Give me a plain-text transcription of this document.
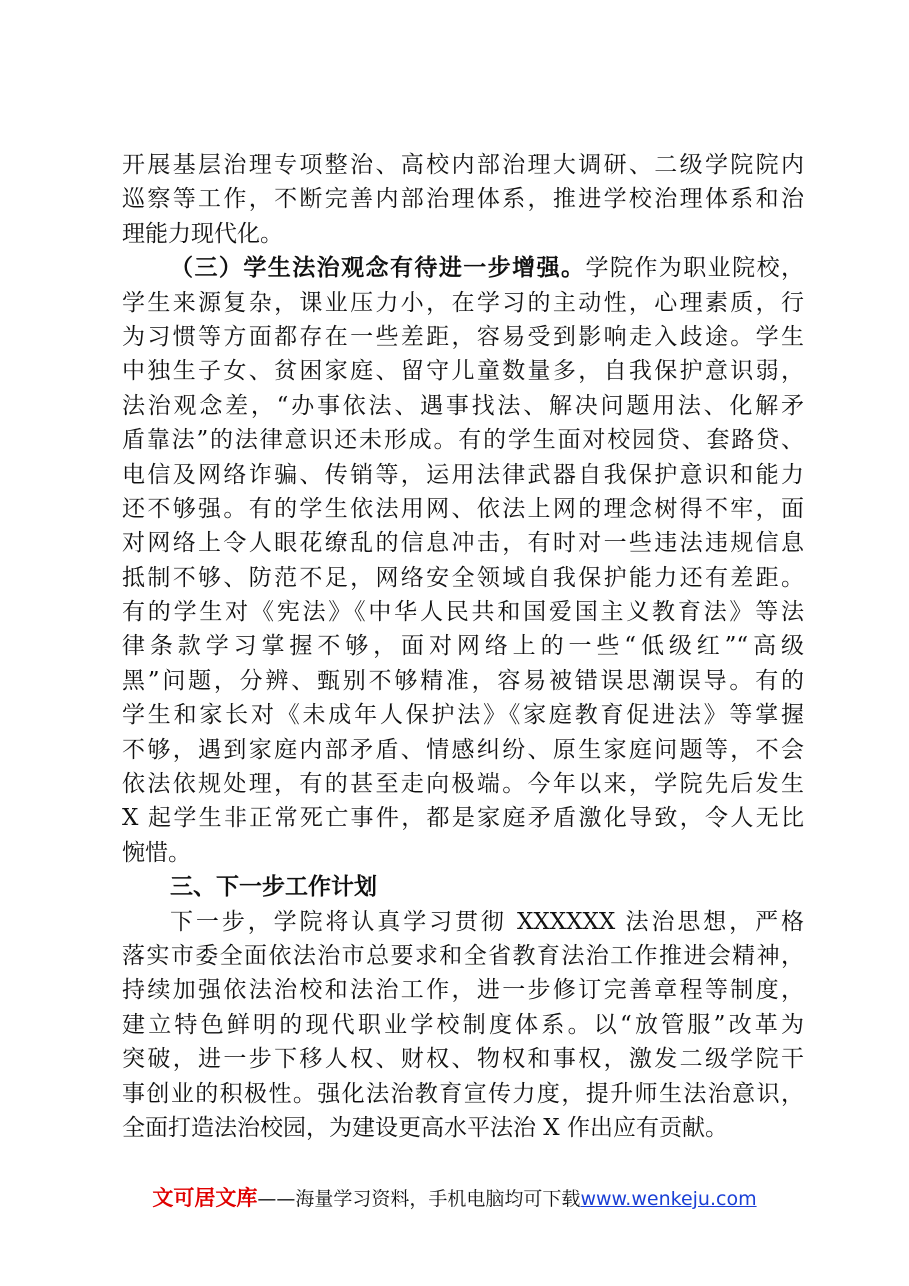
开展基层治理专项整治、高校内部治理大调研、二级学院院内
巡察等工作，不断完善内部治理体系，推进学校治理体系和治
理能力现代化。
（三）学生法治观念有待进一步增强。学院作为职业院校，
学生来源复杂，课业压力小，在学习的主动性，心理素质，行
为习惯等方面都存在一些差距，容易受到影响走入歧途。学生
中独生子女、贫困家庭、留守儿童数量多，自我保护意识弱，
法治观念差，“办事依法、遇事找法、解决问题用法、化解矛
盾靠法”的法律意识还未形成。有的学生面对校园贷、套路贷、
电信及网络诈骗、传销等，运用法律武器自我保护意识和能力
还不够强。有的学生依法用网、依法上网的理念树得不牢，面
对网络上令人眼花缭乱的信息冲击，有时对一些违法违规信息
抵制不够、防范不足，网络安全领域自我保护能力还有差距。
有的学生对《宪法》《中华人民共和国爱国主义教育法》等法
律条款学习掌握不够，面对网络上的一些“低级红”“高级
黑”问题，分辨、甄别不够精准，容易被错误思潮误导。有的
学生和家长对《未成年人保护法》《家庭教育促进法》等掌握
不够，遇到家庭内部矛盾、情感纠纷、原生家庭问题等，不会
依法依规处理，有的甚至走向极端。今年以来，学院先后发生
X 起学生非正常死亡事件，都是家庭矛盾激化导致，令人无比
惋惜。
三、下一步工作计划
下一步，学院将认真学习贯彻 XXXXXX 法治思想，严格
落实市委全面依法治市总要求和全省教育法治工作推进会精神，
持续加强依法治校和法治工作，进一步修订完善章程等制度，
建立特色鲜明的现代职业学校制度体系。以“放管服”改革为
突破，进一步下移人权、财权、物权和事权，激发二级学院干
事创业的积极性。强化法治教育宣传力度，提升师生法治意识，
全面打造法治校园，为建设更高水平法治 X 作出应有贡献。
文可居文库——海量学习资料，手机电脑均可下载www.wenkeju.com
